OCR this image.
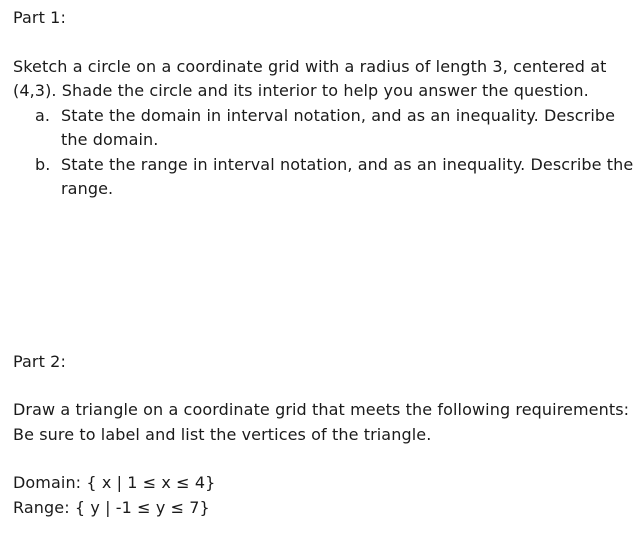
Part 1:

Sketch a circle on a coordinate grid with a radius of length 3, centered at

(4,3). Shade the circle and its interior to help you answer the question.

a. State the domain in interval notation, and as an inequality. Describe the domain.
b. State the range in interval notation, and as an inequality. Describe the range.
Part 2:

Draw a triangle on a coordinate grid that meets the following requirements:

Be sure to label and list the vertices of the triangle.

Domain: { x | 1 ≤ x ≤ 4}

Range: { y | -1 ≤ y ≤ 7}
